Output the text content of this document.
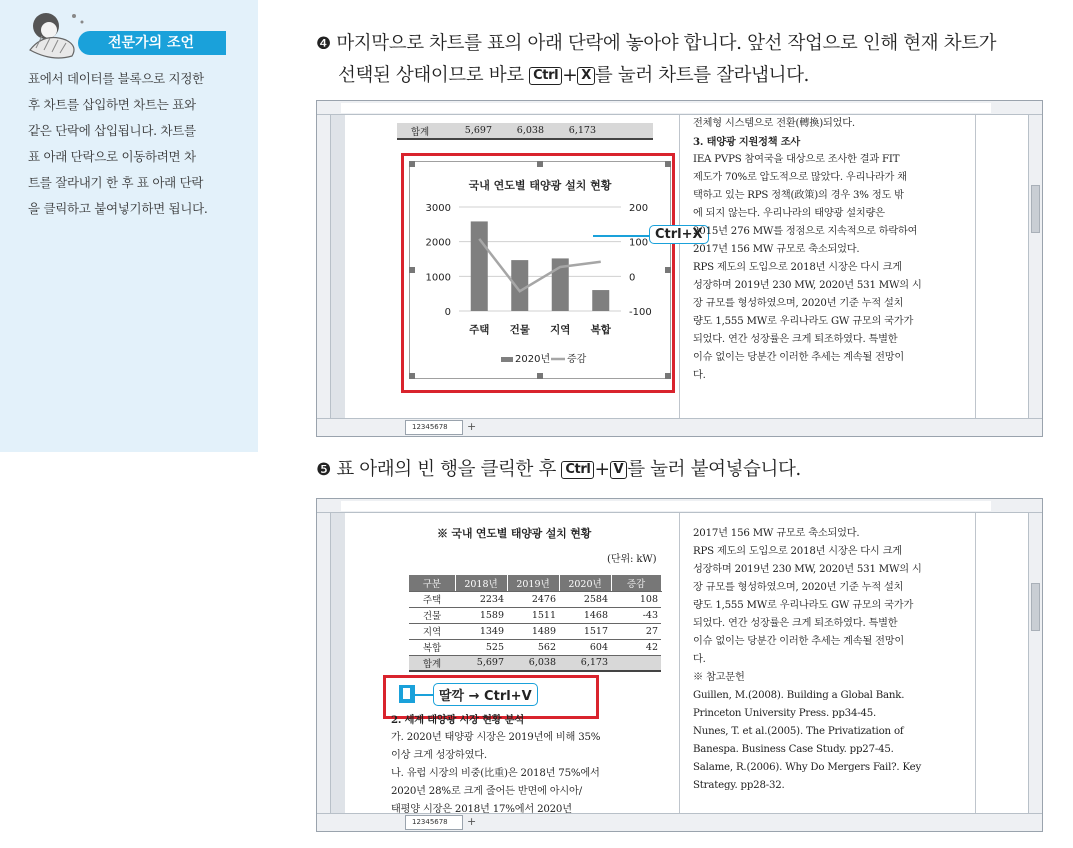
전문가의 조언
표에서 데이터를 블록으로 지정한
후 차트를 삽입하면 차트는 표와
같은 단락에 삽입됩니다. 차트를
표 아래 단락으로 이동하려면 차
트를 잘라내기 한 후 표 아래 단락
을 클릭하고 붙여넣기하면 됩니다.
❹ 마지막으로 차트를 표의 아래 단락에 놓아야 합니다. 앞선 작업으로 인해 현재 차트가
선택된 상태이므로 바로 Ctrl + X 를 눌러 차트를 잘라냅니다.
12345678	+
합계	5,697	6,038	6,173	
국내 연도별 태양광 설치 현황
3000
2000
1000
0
200
100
0
-100
주택 건물 지역 복합
2020년 증감
Ctrl+X
전체형 시스템으로 전환(轉換)되었다.
3. 태양광 지원정책 조사
IEA PVPS 참여국을 대상으로 조사한 결과 FIT
제도가 70%로 압도적으로 많았다. 우리나라가 채
택하고 있는 RPS 정책(政策)의 경우 3% 정도 밖
에 되지 않는다. 우리나라의 태양광 설치량은
2015년 276 MW를 정점으로 지속적으로 하락하여
2017년 156 MW 규모로 축소되었다.
RPS 제도의 도입으로 2018년 시장은 다시 크게
성장하며 2019년 230 MW, 2020년 531 MW의 시
장 규모를 형성하였으며, 2020년 기준 누적 설치
량도 1,555 MW로 우리나라도 GW 규모의 국가가
되었다. 연간 성장률은 크게 퇴조하였다. 특별한
이슈 없이는 당분간 이러한 추세는 계속될 전망이
다.
❺ 표 아래의 빈 행을 클릭한 후 Ctrl + V 를 눌러 붙여넣습니다.
12345678	+
※ 국내 연도별 태양광 설치 현황
(단위: kW)
구분	2018년	2019년	2020년	증감
주택	2234	2476	2584	108
건물	1589	1511	1468	-43
지역	1349	1489	1517	27
복합	525	562	604	42
합계	5,697	6,038	6,173	
딸깍 → Ctrl+V
2. 세계 태양광 시장 현황 분석
가. 2020년 태양광 시장은 2019년에 비해 35%
이상 크게 성장하였다.
나. 유럽 시장의 비중(比重)은 2018년 75%에서
2020년 28%로 크게 줄어든 반면에 아시아/
태평양 시장은 2018년 17%에서 2020년
2017년 156 MW 규모로 축소되었다.
RPS 제도의 도입으로 2018년 시장은 다시 크게
성장하며 2019년 230 MW, 2020년 531 MW의 시
장 규모를 형성하였으며, 2020년 기준 누적 설치
량도 1,555 MW로 우리나라도 GW 규모의 국가가
되었다. 연간 성장률은 크게 퇴조하였다. 특별한
이슈 없이는 당분간 이러한 추세는 계속될 전망이
다.
※ 참고문헌
Guillen, M.(2008). Building a Global Bank.
Princeton University Press. pp34-45.
Nunes, T. et al.(2005). The Privatization of
Banespa. Business Case Study. pp27-45.
Salame, R.(2006). Why Do Mergers Fail?. Key
Strategy. pp28-32.
